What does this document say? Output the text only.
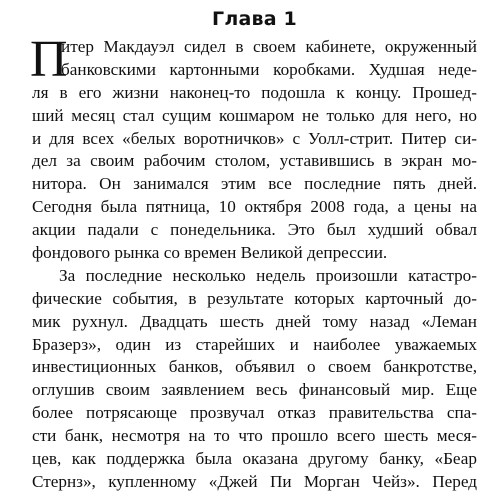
Глава 1
П
итер Макдауэл сидел в своем кабинете, окруженный
банковскими картонными коробками. Худшая неде-
ля в его жизни наконец-то подошла к концу. Прошед-
ший месяц стал сущим кошмаром не только для него, но
и для всех «белых воротничков» с Уолл-стрит. Питер си-
дел за своим рабочим столом, уставившись в экран мо-
нитора. Он занимался этим все последние пять дней.
Сегодня была пятница, 10 октября 2008 года, а цены на
акции падали с понедельника. Это был худший обвал
фондового рынка со времен Великой депрессии.
За последние несколько недель произошли катастро-
фические события, в результате которых карточный до-
мик рухнул. Двадцать шесть дней тому назад «Леман
Бразерз», один из старейших и наиболее уважаемых
инвестиционных банков, объявил о своем банкротстве,
оглушив своим заявлением весь финансовый мир. Еще
более потрясающе прозвучал отказ правительства спа-
сти банк, несмотря на то что прошло всего шесть меся-
цев, как поддержка была оказана другому банку, «Беар
Стернз», купленному «Джей Пи Морган Чейз». Перед
